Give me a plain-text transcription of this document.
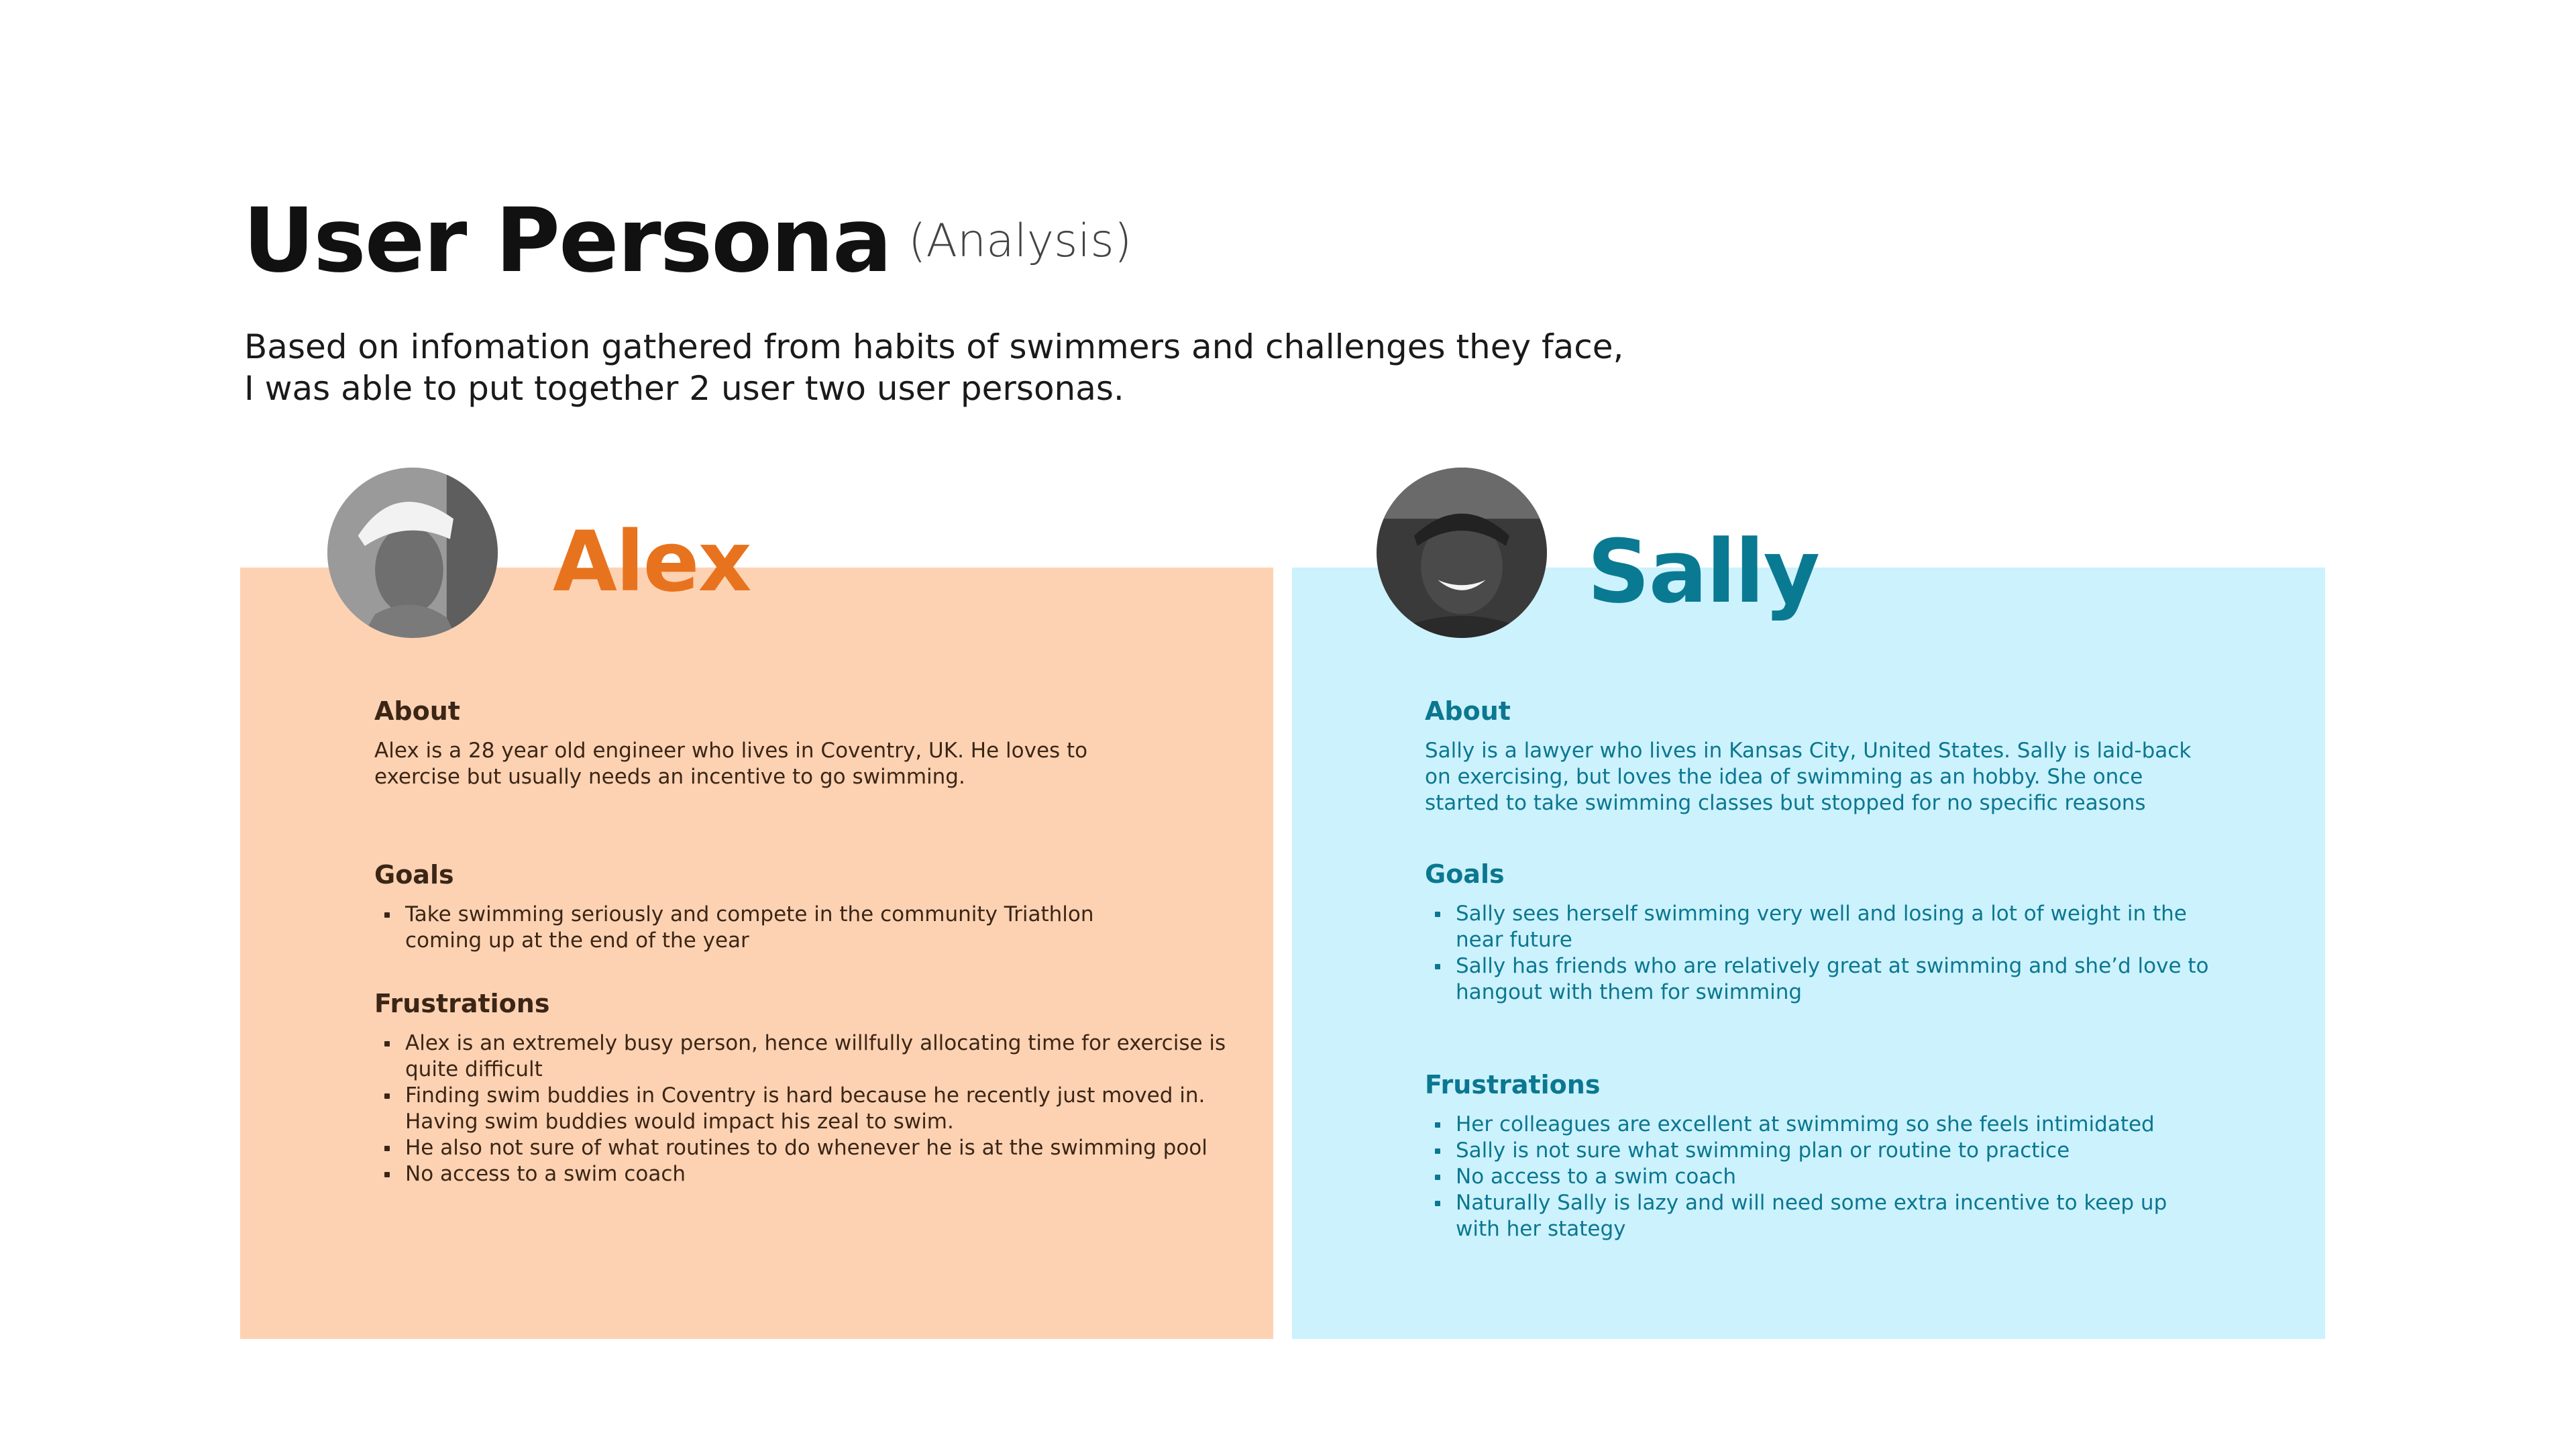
User Persona (Analysis)
Based on infomation gathered from habits of swimmers and challenges they face,
I was able to put together 2 user two user personas.
Alex
About
Alex is a 28 year old engineer who lives in Coventry, UK. He loves to
exercise but usually needs an incentive to go swimming.
Goals
Take swimming seriously and compete in the community Triathlon
coming up at the end of the year
Frustrations
Alex is an extremely busy person, hence willfully allocating time for exercise is
quite difficult
Finding swim buddies in Coventry is hard because he recently just moved in.
Having swim buddies would impact his zeal to swim.
He also not sure of what routines to do whenever he is at the swimming pool
No access to a swim coach
Sally
About
Sally is a lawyer who lives in Kansas City, United States. Sally is laid-back
on exercising, but loves the idea of swimming as an hobby. She once
started to take swimming classes but stopped for no specific reasons
Goals
Sally sees herself swimming very well and losing a lot of weight in the
near future
Sally has friends who are relatively great at swimming and she’d love to
hangout with them for swimming
Frustrations
Her colleagues are excellent at swimmimg so she feels intimidated
Sally is not sure what swimming plan or routine to practice
No access to a swim coach
Naturally Sally is lazy and will need some extra incentive to keep up
with her stategy
